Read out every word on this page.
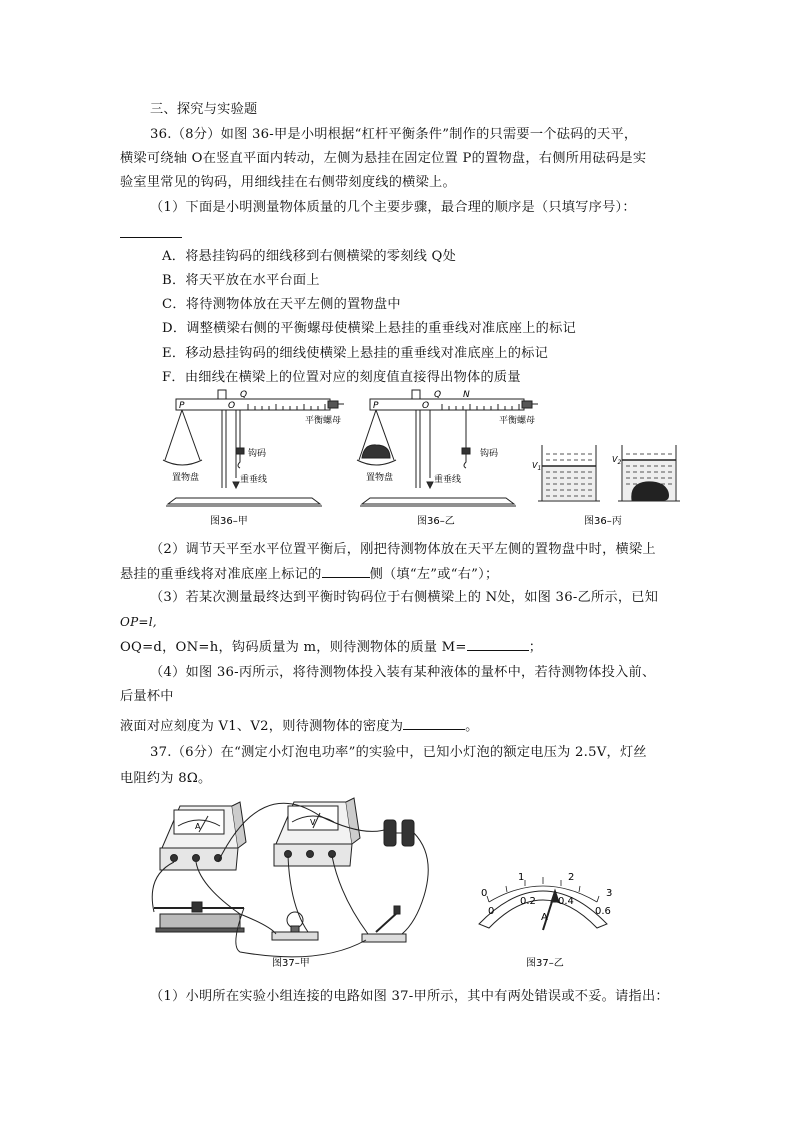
三、探究与实验题
36.（8分）如图 36-甲是小明根据“杠杆平衡条件”制作的只需要一个砝码的天平，
横梁可绕轴 O在竖直平面内转动，左侧为悬挂在固定位置 P的置物盘，右侧所用砝码是实
验室里常见的钩码，用细线挂在右侧带刻度线的横梁上。
（1）下面是小明测量物体质量的几个主要步骤，最合理的顺序是（只填写序号）：
A．将悬挂钩码的细线移到右侧横梁的零刻线 Q处
B．将天平放在水平台面上
C．将待测物体放在天平左侧的置物盘中
D．调整横梁右侧的平衡螺母使横梁上悬挂的重垂线对准底座上的标记
E．移动悬挂钩码的细线使横梁上悬挂的重垂线对准底座上的标记
F．由细线在横梁上的位置对应的刻度值直接得出物体的质量
P	O
Q
平衡螺母
钩码
重垂线
置物盘
图36–甲
P	O
Q N
平衡螺母
钩码
重垂线
置物盘
图36–乙
$V_1$
$V_2$
图36–丙
（2）调节天平至水平位置平衡后，刚把待测物体放在天平左侧的置物盘中时，横梁上
悬挂的重垂线将对准底座上标记的	侧（填“左”或“右”）；
（3）若某次测量最终达到平衡时钩码位于右侧横梁上的 N处，如图 36-乙所示，已知
OP=l,
OQ=d，ON=h，钩码质量为 m，则待测物体的质量 M=	；
（4）如图 36-丙所示，将待测物体投入装有某种液体的量杯中，若待测物体投入前、
后量杯中
液面对应刻度为 V1、V2，则待测物体的密度为	。
37.（6分）在“测定小灯泡电功率”的实验中，已知小灯泡的额定电压为 2.5V，灯丝
电阻约为 8Ω。
A	V
图37–甲
0
1	2
3
0
0.2 0.4
0.6
A
图37–乙
（1）小明所在实验小组连接的电路如图 37-甲所示，其中有两处错误或不妥。请指出：
